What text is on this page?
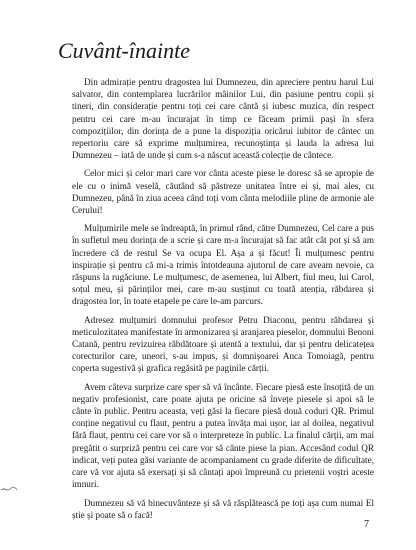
Cuvânt-înainte

Din admirație pentru dragostea lui Dumnezeu, din apreciere pentru harul Lui salvator, din contemplarea lucrărilor mâinilor Lui, din pasiune pentru copii și tineri, din considerație pentru toți cei care cântă și iubesc muzica, din respect pentru cei care m-au încurajat în timp ce făceam primii pași în sfera compozițiilor, din dorința de a pune la dispoziția oricărui iubitor de cântec un repertoriu care să exprime mulțumirea, recunoștința și lauda la adresa lui Dumnezeu – iată de unde și cum s-a născut această colecție de cântece.

Celor mici și celor mari care vor cânta aceste piese le doresc să se apropie de ele cu o inimă veselă, căutând să păstreze unitatea între ei și, mai ales, cu Dumnezeu, până în ziua aceea când toți vom cânta melodiile pline de armonie ale Cerului!

Mulțumirile mele se îndreaptă, în primul rând, către Dumnezeu, Cel care a pus în sufletul meu dorința de a scrie și care m-a încurajat să fac atât cât pot și să am încredere că de restul Se va ocupa El. Așa a și făcut! Îi mulțumesc pentru inspirație și pentru că mi-a trimis întotdeauna ajutorul de care aveam nevoie, ca răspuns la rugăciune. Le mulțumesc, de asemenea, lui Albert, fiul meu, lui Carol, soțul meu, și părinților mei, care m-au susținut cu toată atenția, răbdarea și dragostea lor, în toate etapele pe care le-am parcurs.

Adresez mulțumiri domnului profesor Petru Diaconu, pentru răbdarea și meticulozitatea manifestate în armonizarea și aranjarea pieselor, domnului Benoni Catană, pentru revizuirea răbdătoare și atentă a textului, dar și pentru delicatețea corecturilor care, uneori, s-au impus, și domnișoarei Anca Tomoiagă, pentru coperta sugestivă și grafica regăsită pe paginile cărții.

Avem câteva surprize care sper să vă încânte. Fiecare piesă este însoțită de un negativ profesionist, care poate ajuta pe oricine să învețe piesele și apoi să le cânte în public. Pentru aceasta, veți găsi la fiecare piesă două coduri QR. Primul conține negativul cu flaut, pentru a putea învăța mai ușor, iar al doilea, negativul fără flaut, pentru cei care vor să o interpreteze în public. La finalul cărții, am mai pregătit o surpriză pentru cei care vor să cânte piese la pian. Accesând codul QR indicat, veți putea găsi variante de acompaniament cu grade diferite de dificultate, care vă vor ajuta să exersați și să cântați apoi împreună cu prietenii voștri aceste imnuri.

Dumnezeu să vă binecuvânteze și să vă răsplătească pe toți așa cum numai El știe și poate să o facă!

7
